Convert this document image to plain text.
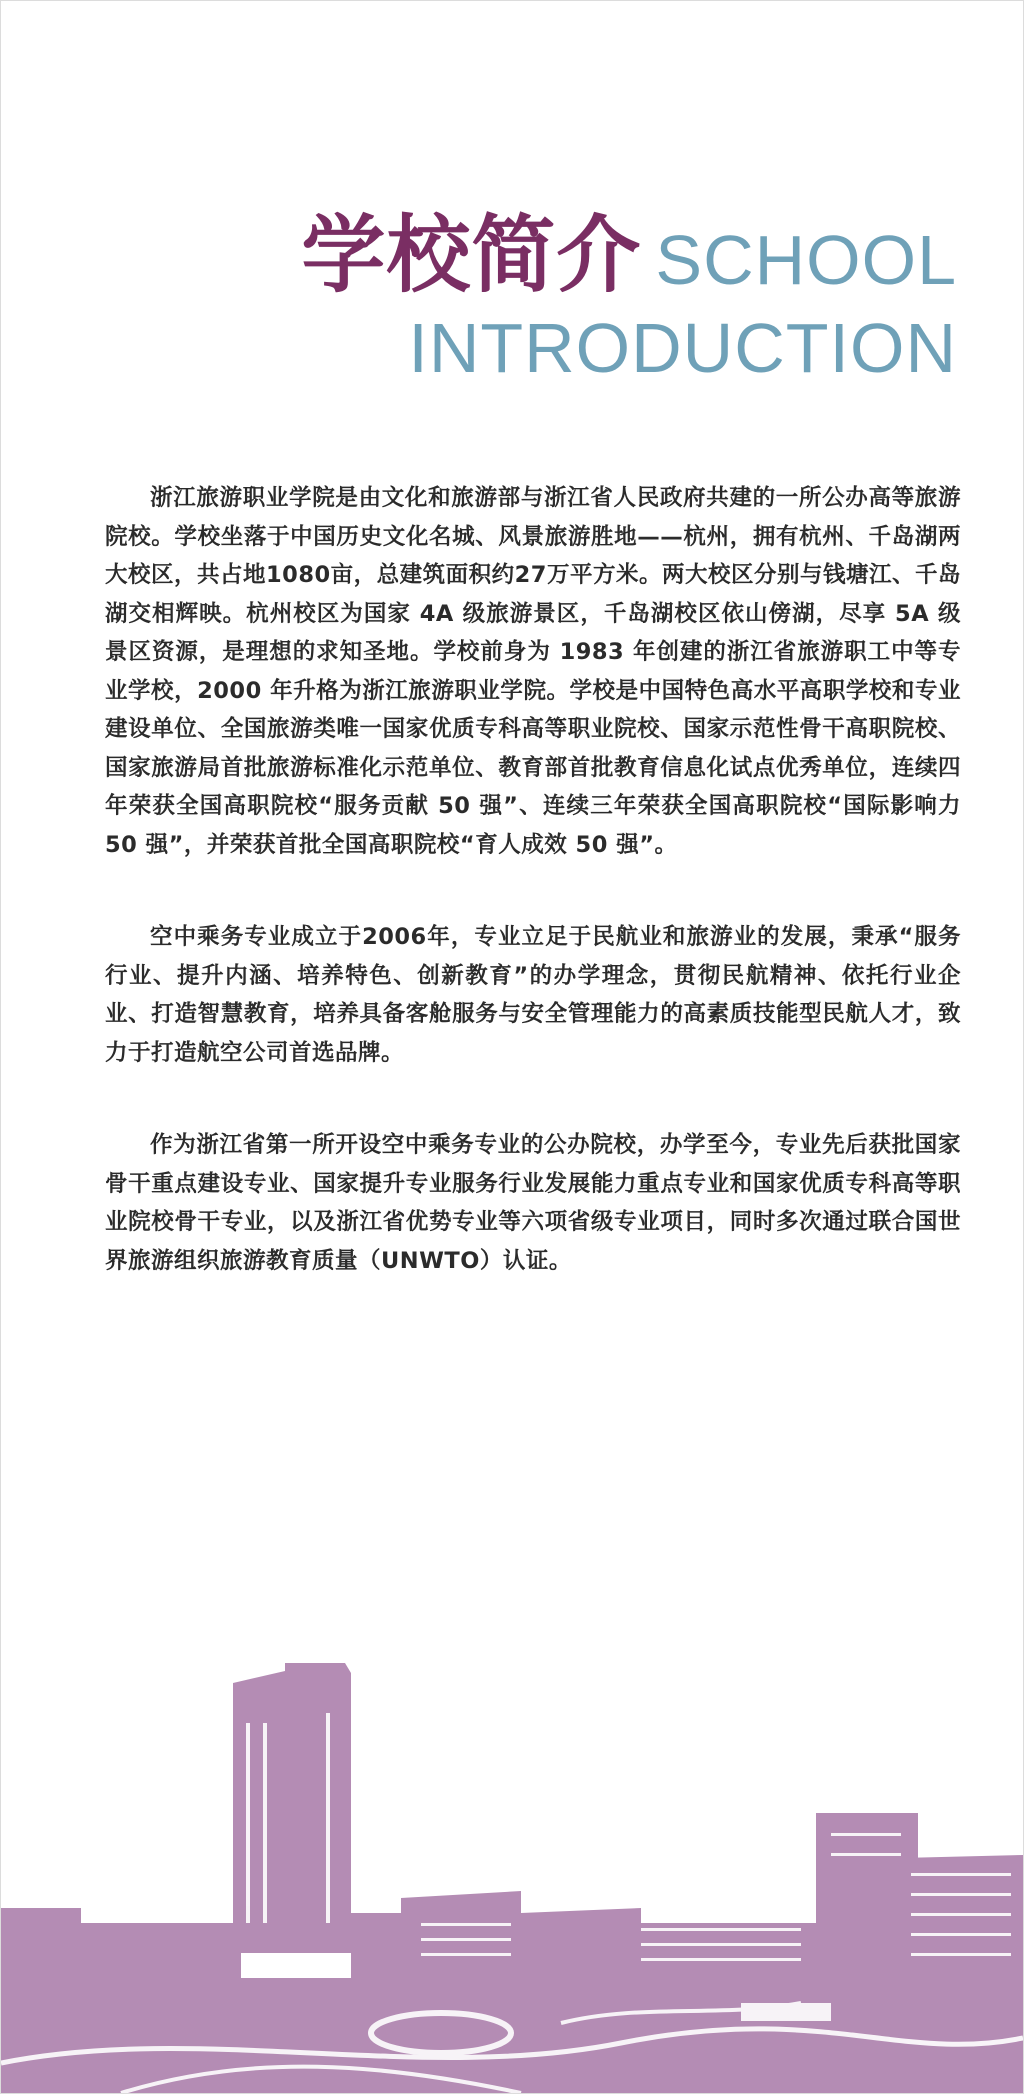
学校简介 SCHOOL
INTRODUCTION

浙江旅游职业学院是由文化和旅游部与浙江省人民政府共建的一所公办高等旅游院校。学校坐落于中国历史文化名城、风景旅游胜地——杭州，拥有杭州、千岛湖两大校区，共占地1080亩，总建筑面积约27万平方米。两大校区分别与钱塘江、千岛湖交相辉映。杭州校区为国家 4A 级旅游景区，千岛湖校区依山傍湖，尽享 5A 级景区资源，是理想的求知圣地。学校前身为 1983 年创建的浙江省旅游职工中等专业学校，2000 年升格为浙江旅游职业学院。学校是中国特色高水平高职学校和专业建设单位、全国旅游类唯一国家优质专科高等职业院校、国家示范性骨干高职院校、国家旅游局首批旅游标准化示范单位、教育部首批教育信息化试点优秀单位，连续四年荣获全国高职院校“服务贡献 50 强”、连续三年荣获全国高职院校“国际影响力 50 强”，并荣获首批全国高职院校“育人成效 50 强”。

空中乘务专业成立于2006年，专业立足于民航业和旅游业的发展，秉承“服务行业、提升内涵、培养特色、创新教育”的办学理念，贯彻民航精神、依托行业企业、打造智慧教育，培养具备客舱服务与安全管理能力的高素质技能型民航人才，致力于打造航空公司首选品牌。

作为浙江省第一所开设空中乘务专业的公办院校，办学至今，专业先后获批国家骨干重点建设专业、国家提升专业服务行业发展能力重点专业和国家优质专科高等职业院校骨干专业，以及浙江省优势专业等六项省级专业项目，同时多次通过联合国世界旅游组织旅游教育质量（UNWTO）认证。
